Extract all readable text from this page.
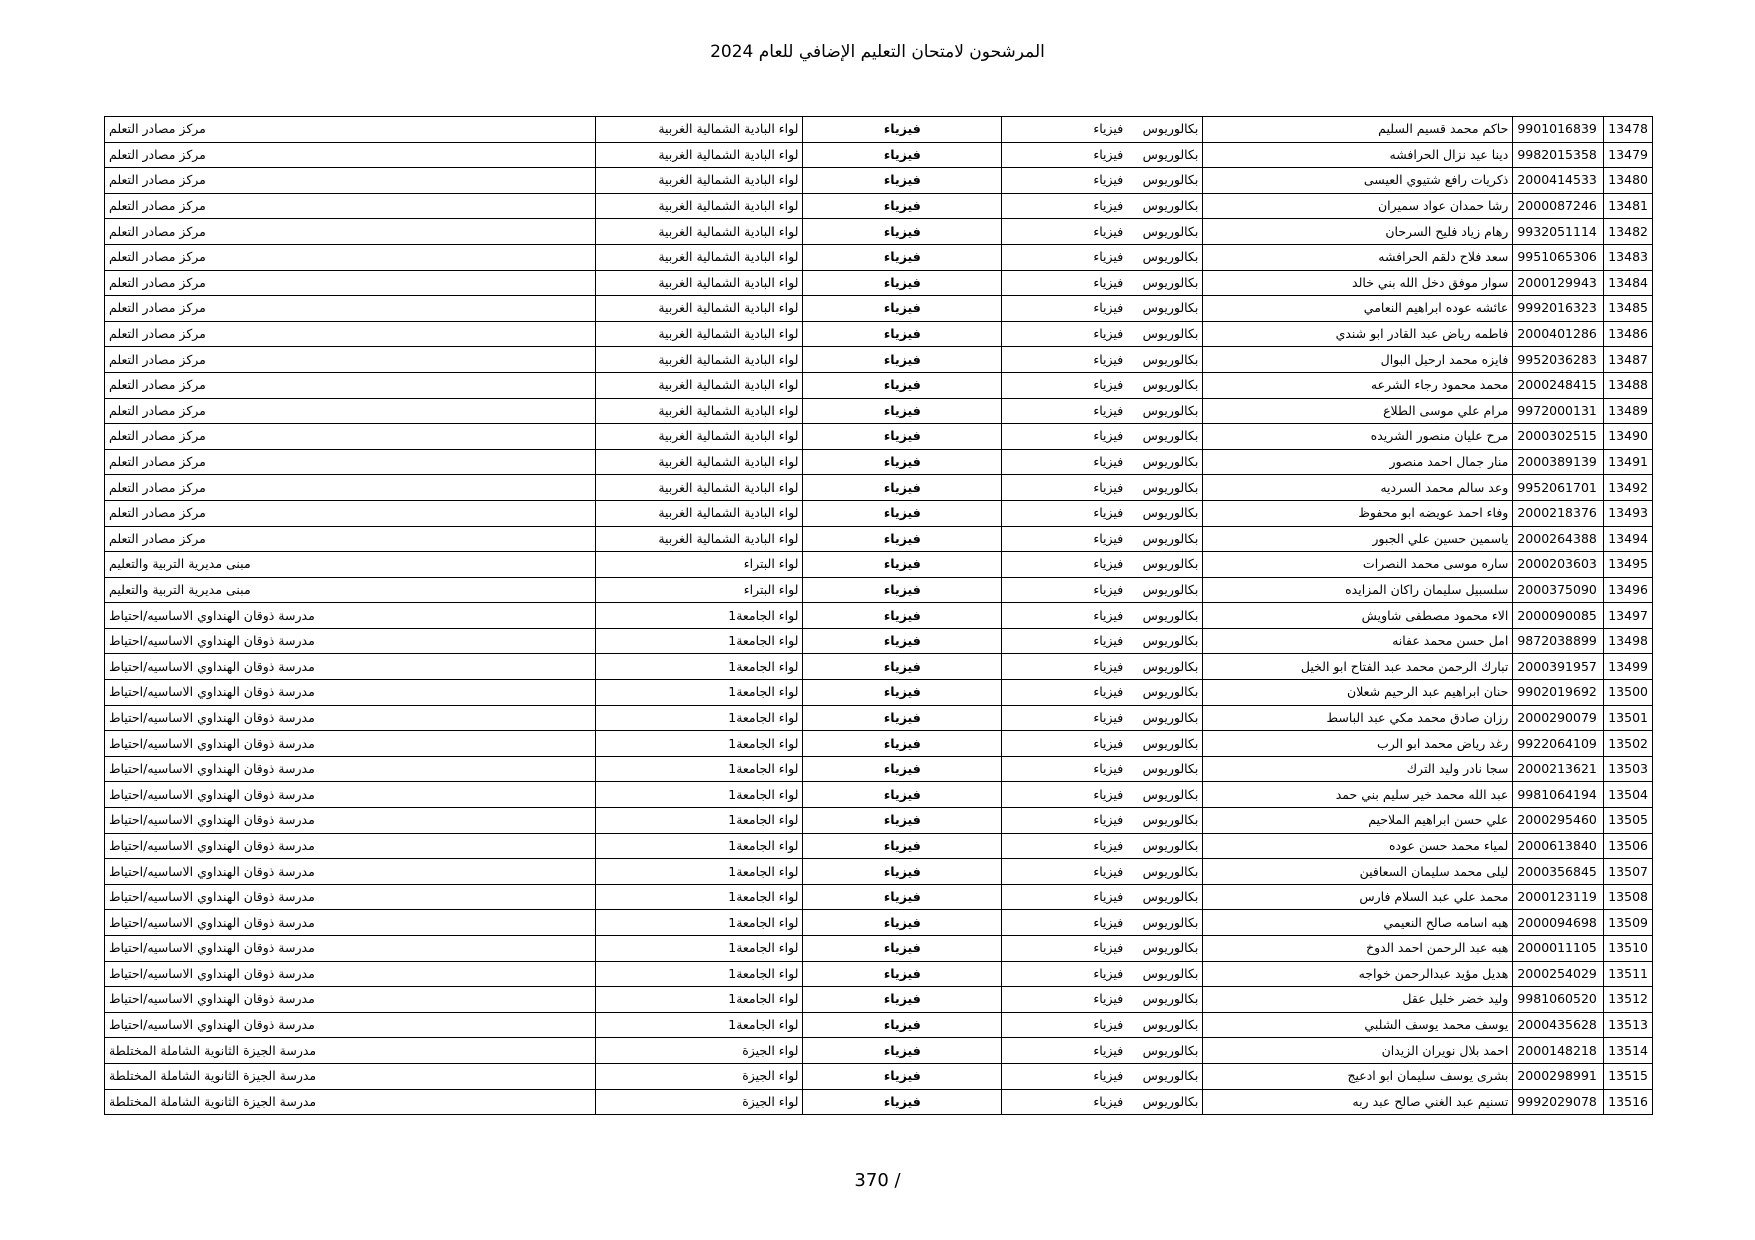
المرشحون لامتحان التعليم الإضافي للعام 2024
13478	9901016839	حاكم محمد قسيم السليم	بكالوريوس	فيزياء	فيزياء	لواء البادية الشمالية الغربية	مركز مصادر التعلم
13479	9982015358	دينا عيد نزال الحرافشه	بكالوريوس	فيزياء	فيزياء	لواء البادية الشمالية الغربية	مركز مصادر التعلم
13480	2000414533	ذكريات رافع شتيوي العيسى	بكالوريوس	فيزياء	فيزياء	لواء البادية الشمالية الغربية	مركز مصادر التعلم
13481	2000087246	رشا حمدان عواد سميران	بكالوريوس	فيزياء	فيزياء	لواء البادية الشمالية الغربية	مركز مصادر التعلم
13482	9932051114	رهام زياد فليح السرحان	بكالوريوس	فيزياء	فيزياء	لواء البادية الشمالية الغربية	مركز مصادر التعلم
13483	9951065306	سعد فلاح دلقم الحرافشه	بكالوريوس	فيزياء	فيزياء	لواء البادية الشمالية الغربية	مركز مصادر التعلم
13484	2000129943	سوار موفق دخل الله بني خالد	بكالوريوس	فيزياء	فيزياء	لواء البادية الشمالية الغربية	مركز مصادر التعلم
13485	9992016323	عائشه عوده ابراهيم النعامي	بكالوريوس	فيزياء	فيزياء	لواء البادية الشمالية الغربية	مركز مصادر التعلم
13486	2000401286	فاطمه رياض عبد القادر ابو شندي	بكالوريوس	فيزياء	فيزياء	لواء البادية الشمالية الغربية	مركز مصادر التعلم
13487	9952036283	فايزه محمد ارحيل البوال	بكالوريوس	فيزياء	فيزياء	لواء البادية الشمالية الغربية	مركز مصادر التعلم
13488	2000248415	محمد محمود رجاء الشرعه	بكالوريوس	فيزياء	فيزياء	لواء البادية الشمالية الغربية	مركز مصادر التعلم
13489	9972000131	مرام علي موسى الطلاع	بكالوريوس	فيزياء	فيزياء	لواء البادية الشمالية الغربية	مركز مصادر التعلم
13490	2000302515	مرح عليان منصور الشريده	بكالوريوس	فيزياء	فيزياء	لواء البادية الشمالية الغربية	مركز مصادر التعلم
13491	2000389139	منار جمال احمد منصور	بكالوريوس	فيزياء	فيزياء	لواء البادية الشمالية الغربية	مركز مصادر التعلم
13492	9952061701	وعد سالم محمد السرديه	بكالوريوس	فيزياء	فيزياء	لواء البادية الشمالية الغربية	مركز مصادر التعلم
13493	2000218376	وفاء احمد عويضه ابو محفوظ	بكالوريوس	فيزياء	فيزياء	لواء البادية الشمالية الغربية	مركز مصادر التعلم
13494	2000264388	ياسمين حسين علي الجبور	بكالوريوس	فيزياء	فيزياء	لواء البادية الشمالية الغربية	مركز مصادر التعلم
13495	2000203603	ساره موسى محمد النصرات	بكالوريوس	فيزياء	فيزياء	لواء البتراء	مبنى مديرية التربية والتعليم
13496	2000375090	سلسبيل سليمان راكان المزايده	بكالوريوس	فيزياء	فيزياء	لواء البتراء	مبنى مديرية التربية والتعليم
13497	2000090085	الاء محمود مصطفى شاويش	بكالوريوس	فيزياء	فيزياء	لواء الجامعة1	مدرسة ذوقان الهنداوي الاساسيه/احتياط
13498	9872038899	امل حسن محمد عفانه	بكالوريوس	فيزياء	فيزياء	لواء الجامعة1	مدرسة ذوقان الهنداوي الاساسيه/احتياط
13499	2000391957	تبارك الرحمن محمد عبد الفتاح ابو الخيل	بكالوريوس	فيزياء	فيزياء	لواء الجامعة1	مدرسة ذوقان الهنداوي الاساسيه/احتياط
13500	9902019692	حنان ابراهيم عبد الرحيم شعلان	بكالوريوس	فيزياء	فيزياء	لواء الجامعة1	مدرسة ذوقان الهنداوي الاساسيه/احتياط
13501	2000290079	رزان صادق محمد مكي عبد الباسط	بكالوريوس	فيزياء	فيزياء	لواء الجامعة1	مدرسة ذوقان الهنداوي الاساسيه/احتياط
13502	9922064109	رغد رياض محمد ابو الرب	بكالوريوس	فيزياء	فيزياء	لواء الجامعة1	مدرسة ذوقان الهنداوي الاساسيه/احتياط
13503	2000213621	سجا نادر وليد الترك	بكالوريوس	فيزياء	فيزياء	لواء الجامعة1	مدرسة ذوقان الهنداوي الاساسيه/احتياط
13504	9981064194	عبد الله محمد خير سليم بني حمد	بكالوريوس	فيزياء	فيزياء	لواء الجامعة1	مدرسة ذوقان الهنداوي الاساسيه/احتياط
13505	2000295460	علي حسن ابراهيم الملاحيم	بكالوريوس	فيزياء	فيزياء	لواء الجامعة1	مدرسة ذوقان الهنداوي الاساسيه/احتياط
13506	2000613840	لمياء محمد حسن عوده	بكالوريوس	فيزياء	فيزياء	لواء الجامعة1	مدرسة ذوقان الهنداوي الاساسيه/احتياط
13507	2000356845	ليلى محمد سليمان السعافين	بكالوريوس	فيزياء	فيزياء	لواء الجامعة1	مدرسة ذوقان الهنداوي الاساسيه/احتياط
13508	2000123119	محمد علي عبد السلام فارس	بكالوريوس	فيزياء	فيزياء	لواء الجامعة1	مدرسة ذوقان الهنداوي الاساسيه/احتياط
13509	2000094698	هبه اسامه صالح النعيمي	بكالوريوس	فيزياء	فيزياء	لواء الجامعة1	مدرسة ذوقان الهنداوي الاساسيه/احتياط
13510	2000011105	هبه عبد الرحمن احمد الدوخ	بكالوريوس	فيزياء	فيزياء	لواء الجامعة1	مدرسة ذوقان الهنداوي الاساسيه/احتياط
13511	2000254029	هديل مؤيد عبدالرحمن خواجه	بكالوريوس	فيزياء	فيزياء	لواء الجامعة1	مدرسة ذوقان الهنداوي الاساسيه/احتياط
13512	9981060520	وليد خضر خليل عقل	بكالوريوس	فيزياء	فيزياء	لواء الجامعة1	مدرسة ذوقان الهنداوي الاساسيه/احتياط
13513	2000435628	يوسف محمد يوسف الشلبي	بكالوريوس	فيزياء	فيزياء	لواء الجامعة1	مدرسة ذوقان الهنداوي الاساسيه/احتياط
13514	2000148218	احمد بلال نويران الزيدان	بكالوريوس	فيزياء	فيزياء	لواء الجيزة	مدرسة الجيزة الثانوية الشاملة المختلطة
13515	2000298991	بشرى يوسف سليمان ابو ادعيج	بكالوريوس	فيزياء	فيزياء	لواء الجيزة	مدرسة الجيزة الثانوية الشاملة المختلطة
13516	9992029078	تسنيم عبد الغني صالح عبد ربه	بكالوريوس	فيزياء	فيزياء	لواء الجيزة	مدرسة الجيزة الثانوية الشاملة المختلطة
370 /
